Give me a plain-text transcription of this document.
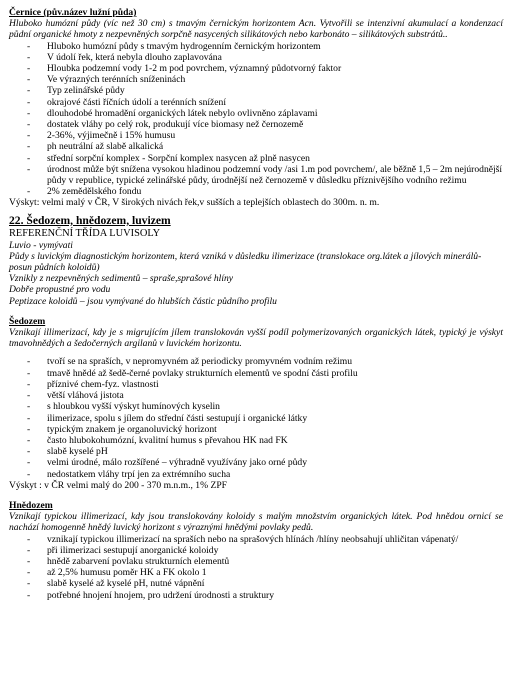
Černice (pův.název lužní půda)
Hluboko humózní půdy (víc než 30 cm) s tmavým černickým horizontem Acn. Vytvořili se intenzivní akumulací a kondenzací půdní organické hmoty z nezpevněných sorpčně nasycených silikátových nebo karbonáto – silikátových substrátů..
- Hluboko humózní půdy s tmavým hydrogenním černickým horizontem
- V údolí řek, která nebyla dlouho zaplavována
- Hloubka podzemní vody 1-2 m pod povrchem, významný půdotvorný faktor
- Ve výrazných terénních sníženinách
- Typ zelinářské půdy
- okrajové části říčních údolí a terénních snížení
- dlouhodobé hromadění organických látek nebylo ovlivněno záplavami
- dostatek vláhy po celý rok, produkují více biomasy než černozemě
- 2-36%, výjimečně i 15% humusu
- ph neutrální až slabě alkalická
- střední sorpční komplex - Sorpční komplex nasycen až plně nasycen
- úrodnost může být snížena vysokou hladinou podzemní vody /asi 1.m pod povrchem/, ale běžně 1,5 – 2m nejúrodnější půdy v republice, typické zelinářské půdy, úrodnější než černozemě v důsledku příznivějšího vodního režimu
- 2% zemědělského fondu
Výskyt: velmi malý v ČR, V širokých nivách řek,v sušších a teplejších oblastech do 300m. n. m.
22. Šedozem, hnědozem, luvizem
REFERENČNÍ TŘÍDA LUVISOLY
Luvio - vymývati
Půdy s luvickým diagnostickým horizontem, která vzniká v důsledku ilimerizace (translokace org.látek a jílových minerálů-posun půdních koloidů)
Vznikly z nezpevněných sedimentů – spraše,sprašové hlíny
Dobře propustné pro vodu
Peptizace koloidů – jsou vymývané do hlubších částic půdního profilu
Šedozem
Vznikají illimerizací, kdy je s migrujícím jílem translokován vyšší podíl polymerizovaných organických látek, typický je výskyt tmavohnědých a šedočerných argilanů v luvickém horizontu.
- tvoří se na spraších, v nepromyvném až periodicky promyvném vodním režimu
- tmavě hnědé až šedě-černé povlaky strukturních elementů ve spodní části profilu
- příznivé chem-fyz. vlastnosti
- větší vláhová jistota
- s hloubkou vyšší výskyt humínových kyselin
- ilimerizace, spolu s jílem do střední části sestupují i organické látky
- typickým znakem je organoluvický horizont
- často hlubokohumózní, kvalitní humus s převahou HK nad FK
- slabě kyselé pH
- velmi úrodné, málo rozšířené – výhradně využívány jako orné půdy
- nedostatkem vláhy trpí jen za extrémního sucha
Výskyt : v ČR velmi malý do 200 - 370 m.n.m., 1% ZPF
Hnědozem
Vznikají typickou illimerizací, kdy jsou translokovány koloidy s malým množstvím organických látek. Pod hnědou ornicí se nachází homogenně hnědý luvický horizont s výraznými hnědými povlaky pedů.
- vznikají typickou illimerizací na spraších nebo na sprašových hlínách /hlíny neobsahují uhličitan vápenatý/
- při ilimerizaci sestupují anorganické koloidy
- hnědě zabarvení povlaku strukturních elementů
- až 2,5% humusu poměr HK a FK okolo 1
- slabě kyselé až kyselé pH, nutné vápnění
- potřebné hnojení hnojem, pro udržení úrodnosti a struktury
